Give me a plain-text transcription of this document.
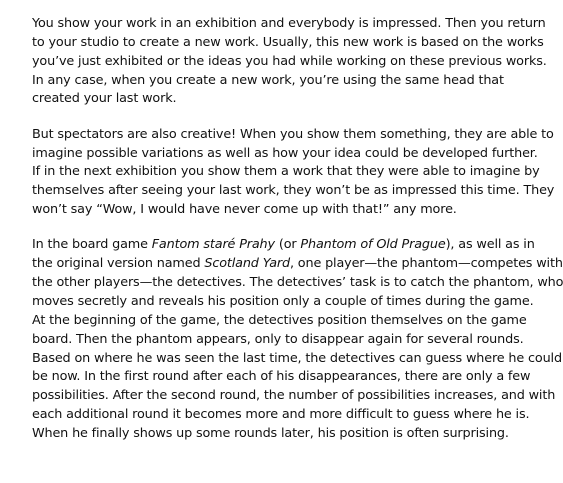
You show your work in an exhibition and everybody is impressed. Then you return
to your studio to create a new work. Usually, this new work is based on the works
you’ve just exhibited or the ideas you had while working on these previous works.
In any case, when you create a new work, you’re using the same head that
created your last work.

But spectators are also creative! When you show them something, they are able to
imagine possible variations as well as how your idea could be developed further.
If in the next exhibition you show them a work that they were able to imagine by
themselves after seeing your last work, they won’t be as impressed this time. They
won’t say “Wow, I would have never come up with that!” any more.

In the board game Fantom staré Prahy (or Phantom of Old Prague), as well as in
the original version named Scotland Yard, one player—the phantom—competes with
the other players—the detectives. The detectives’ task is to catch the phantom, who
moves secretly and reveals his position only a couple of times during the game.
At the beginning of the game, the detectives position themselves on the game
board. Then the phantom appears, only to disappear again for several rounds.
Based on where he was seen the last time, the detectives can guess where he could
be now. In the first round after each of his disappearances, there are only a few
possibilities. After the second round, the number of possibilities increases, and with
each additional round it becomes more and more difficult to guess where he is.
When he finally shows up some rounds later, his position is often surprising.
